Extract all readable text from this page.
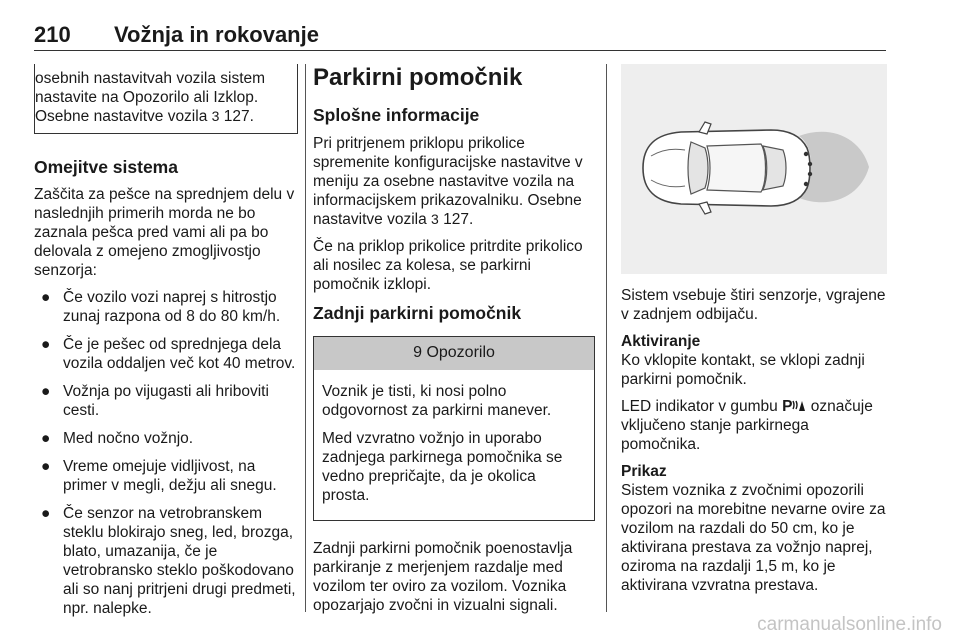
210 Vožnja in rokovanje
osebnih nastavitvah vozila sistem nastavite na Opozorilo ali Izklop. Osebne nastavitve vozila 3 127.
Omejitve sistema

Zaščita za pešce na sprednjem delu v naslednjih primerih morda ne bo zaznala pešca pred vami ali pa bo delovala z omejeno zmogljivostjo senzorja:

● Če vozilo vozi naprej s hitrostjo zunaj razpona od 8 do 80 km/h.
● Če je pešec od sprednjega dela vozila oddaljen več kot 40 metrov.
● Vožnja po vijugasti ali hriboviti cesti.
● Med nočno vožnjo.
● Vreme omejuje vidljivost, na primer v megli, dežju ali snegu.
● Če senzor na vetrobranskem steklu blokirajo sneg, led, brozga, blato, umazanija, če je vetrobransko steklo poškodovano ali so nanj pritrjeni drugi predmeti, npr. nalepke.
Parkirni pomočnik
Splošne informacije

Pri pritrjenem priklopu prikolice spremenite konfiguracijske nastavitve v meniju za osebne nastavitve vozila na informacijskem prikazovalniku. Osebne nastavitve vozila 3 127.

Če na priklop prikolice pritrdite prikolico ali nosilec za kolesa, se parkirni pomočnik izklopi.

Zadnji parkirni pomočnik
9 Opozorilo

Voznik je tisti, ki nosi polno odgovornost za parkirni manever.

Med vzvratno vožnjo in uporabo zadnjega parkirnega pomočnika se vedno prepričajte, da je okolica prosta.

Zadnji parkirni pomočnik poenostavlja parkiranje z merjenjem razdalje med vozilom ter oviro za vozilom. Voznika opozarjajo zvočni in vizualni signali.

Sistem vsebuje štiri senzorje, vgrajene v zadnjem odbijaču.

Aktiviranje

Ko vklopite kontakt, se vklopi zadnji parkirni pomočnik.

LED indikator v gumbu P označuje vključeno stanje parkirnega pomočnika.

Prikaz

Sistem voznika z zvočnimi opozorili opozori na morebitne nevarne ovire za vozilom na razdali do 50 cm, ko je aktivirana prestava za vožnjo naprej, oziroma na razdalji 1,5 m, ko je aktivirana vzvratna prestava.

carmanualsonline.info
